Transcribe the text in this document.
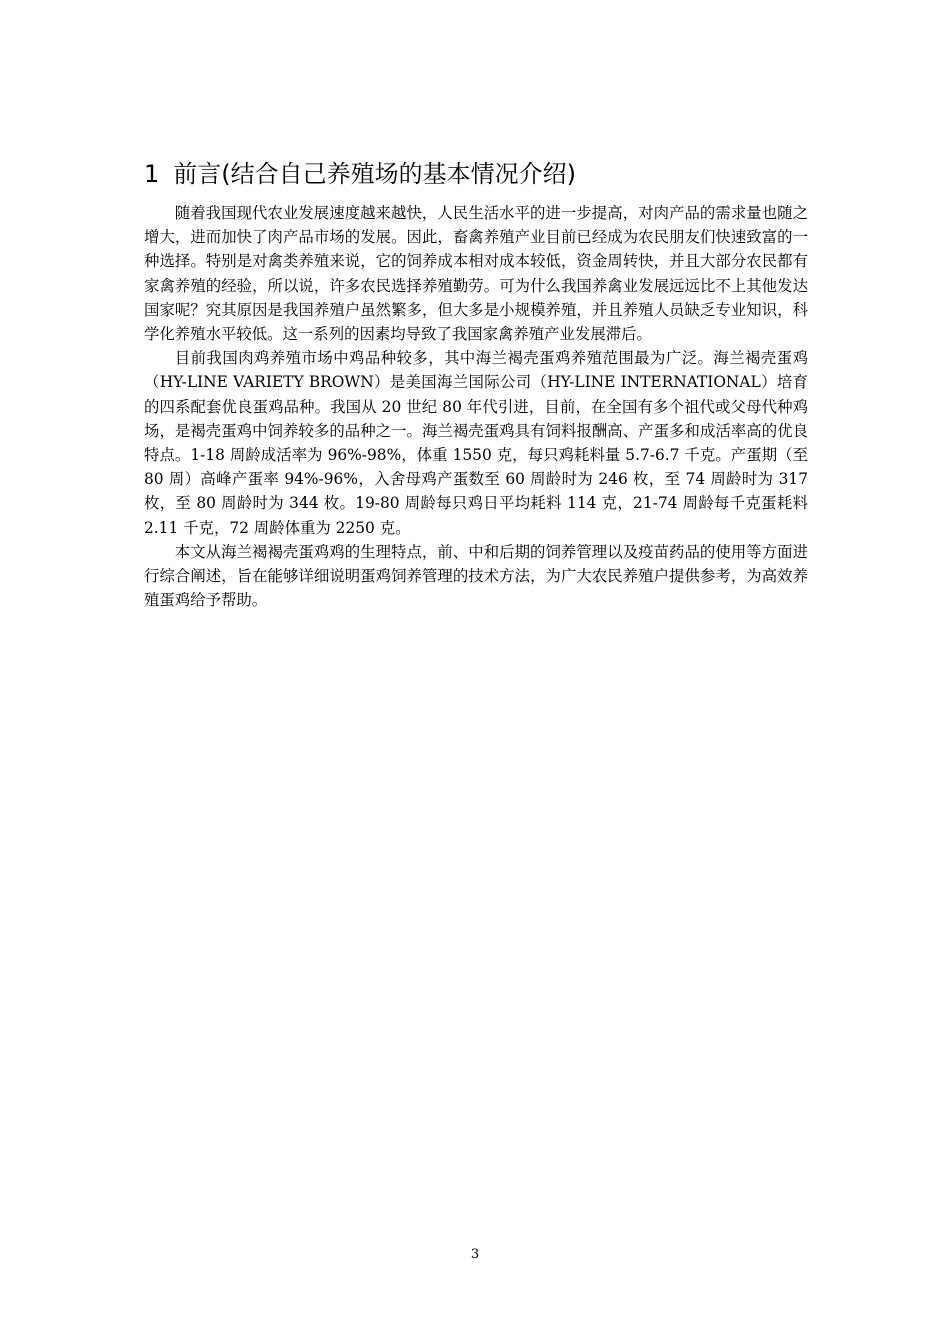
1 前言(结合自己养殖场的基本情况介绍)

随着我国现代农业发展速度越来越快，人民生活水平的进一步提高，对肉产品的需求量也随之增大，进而加快了肉产品市场的发展。因此，畜禽养殖产业目前已经成为农民朋友们快速致富的一种选择。特别是对禽类养殖来说，它的饲养成本相对成本较低，资金周转快，并且大部分农民都有家禽养殖的经验，所以说，许多农民选择养殖勤劳。可为什么我国养禽业发展远远比不上其他发达国家呢？究其原因是我国养殖户虽然繁多，但大多是小规模养殖，并且养殖人员缺乏专业知识，科学化养殖水平较低。这一系列的因素均导致了我国家禽养殖产业发展滞后。

目前我国肉鸡养殖市场中鸡品种较多，其中海兰褐壳蛋鸡养殖范围最为广泛。海兰褐壳蛋鸡（HY-LINE VARIETY BROWN）是美国海兰国际公司（HY-LINE INTERNATIONAL）培育的四系配套优良蛋鸡品种。我国从 20 世纪 80 年代引进，目前，在全国有多个祖代或父母代种鸡场，是褐壳蛋鸡中饲养较多的品种之一。海兰褐壳蛋鸡具有饲料报酬高、产蛋多和成活率高的优良特点。1-18 周龄成活率为 96%-98%，体重 1550 克，每只鸡耗料量 5.7-6.7 千克。产蛋期（至 80 周）高峰产蛋率 94%-96%，入舍母鸡产蛋数至 60 周龄时为 246 枚，至 74 周龄时为 317 枚，至 80 周龄时为 344 枚。19-80 周龄每只鸡日平均耗料 114 克，21-74 周龄每千克蛋耗料 2.11 千克，72 周龄体重为 2250 克。

本文从海兰褐褐壳蛋鸡鸡的生理特点，前、中和后期的饲养管理以及疫苗药品的使用等方面进行综合阐述，旨在能够详细说明蛋鸡饲养管理的技术方法，为广大农民养殖户提供参考，为高效养殖蛋鸡给予帮助。

3
